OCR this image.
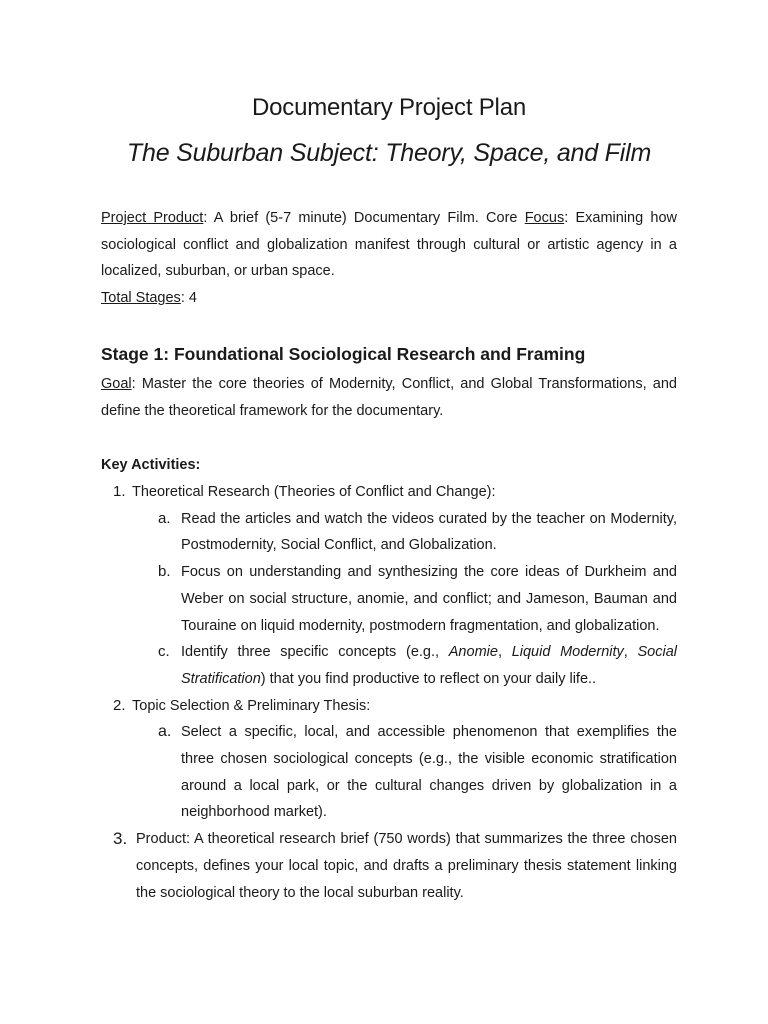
Documentary Project Plan
The Suburban Subject: Theory, Space, and Film

Project Product: A brief (5-7 minute) Documentary Film. Core Focus: Examining how sociological conflict and globalization manifest through cultural or artistic agency in a localized, suburban, or urban space.

Total Stages: 4

Stage 1: Foundational Sociological Research and Framing

Goal: Master the core theories of Modernity, Conflict, and Global Transformations, and define the theoretical framework for the documentary.

Key Activities:

1. Theoretical Research (Theories of Conflict and Change):

a. Read the articles and watch the videos curated by the teacher on Modernity, Postmodernity, Social Conflict, and Globalization.

b. Focus on understanding and synthesizing the core ideas of Durkheim and Weber on social structure, anomie, and conflict; and Jameson, Bauman and Touraine on liquid modernity, postmodern fragmentation, and globalization.

c. Identify three specific concepts (e.g., Anomie, Liquid Modernity, Social Stratification) that you find productive to reflect on your daily life..

2. Topic Selection & Preliminary Thesis:

a. Select a specific, local, and accessible phenomenon that exemplifies the three chosen sociological concepts (e.g., the visible economic stratification around a local park, or the cultural changes driven by globalization in a neighborhood market).

3. Product: A theoretical research brief (750 words) that summarizes the three chosen concepts, defines your local topic, and drafts a preliminary thesis statement linking the sociological theory to the local suburban reality.
